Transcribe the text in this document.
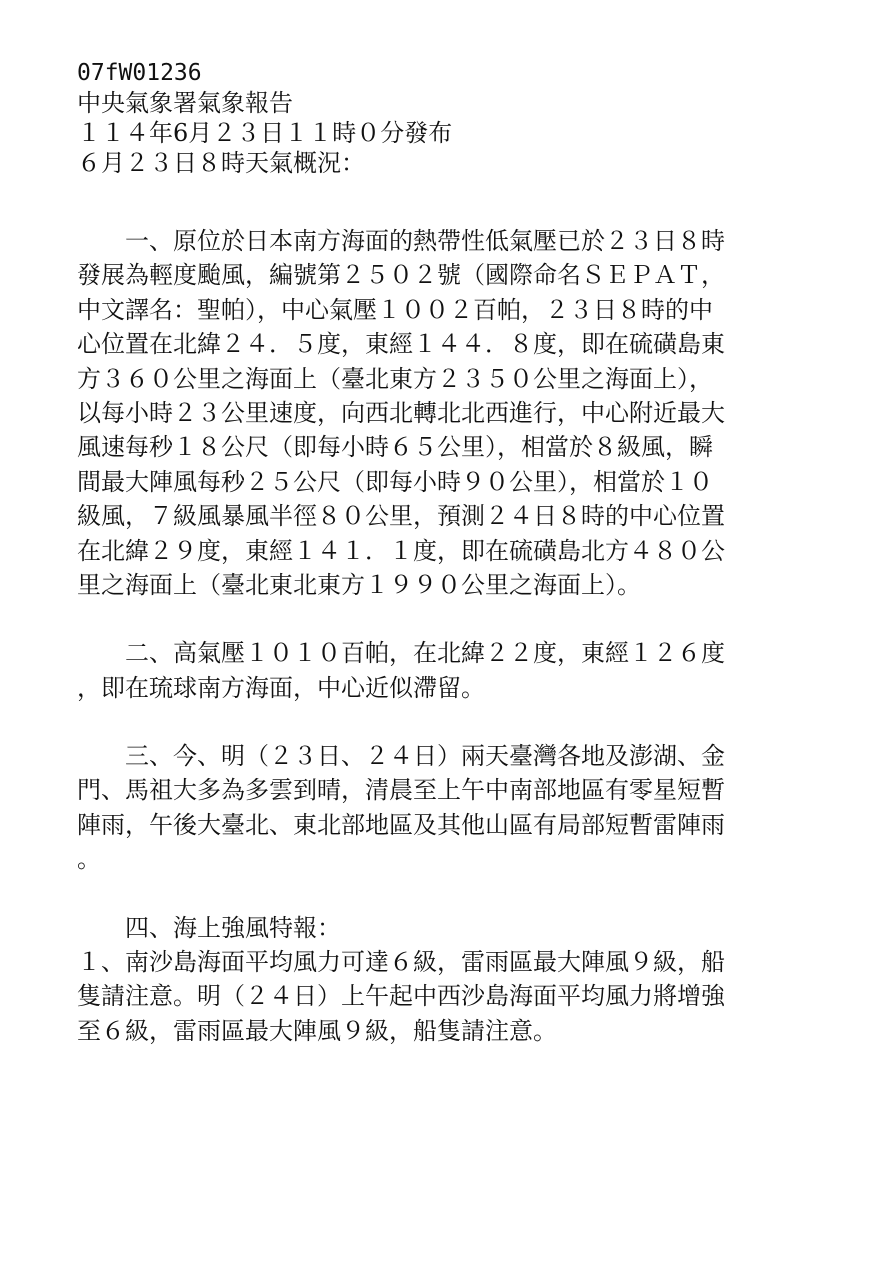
07fW01236
中央氣象署氣象報告
１１４年6月２３日１１時０分發布
６月２３日８時天氣概況：
　　一、原位於日本南方海面的熱帶性低氣壓已於２３日８時
發展為輕度颱風，編號第２５０２號（國際命名ＳＥＰＡＴ，
中文譯名：聖帕），中心氣壓１００２百帕，２３日８時的中
心位置在北緯２４．５度，東經１４４．８度，即在硫磺島東
方３６０公里之海面上（臺北東方２３５０公里之海面上），
以每小時２３公里速度，向西北轉北北西進行，中心附近最大
風速每秒１８公尺（即每小時６５公里），相當於８級風，瞬
間最大陣風每秒２５公尺（即每小時９０公里），相當於１０
級風，７級風暴風半徑８０公里，預測２４日８時的中心位置
在北緯２９度，東經１４１．１度，即在硫磺島北方４８０公
里之海面上（臺北東北東方１９９０公里之海面上）。
　　二、高氣壓１０１０百帕，在北緯２２度，東經１２６度
，即在琉球南方海面，中心近似滯留。
　　三、今、明（２３日、２４日）兩天臺灣各地及澎湖、金
門、馬祖大多為多雲到晴，清晨至上午中南部地區有零星短暫
陣雨，午後大臺北、東北部地區及其他山區有局部短暫雷陣雨
。
　　四、海上強風特報：
１、南沙島海面平均風力可達６級，雷雨區最大陣風９級，船
隻請注意。明（２４日）上午起中西沙島海面平均風力將增強
至６級，雷雨區最大陣風９級，船隻請注意。
